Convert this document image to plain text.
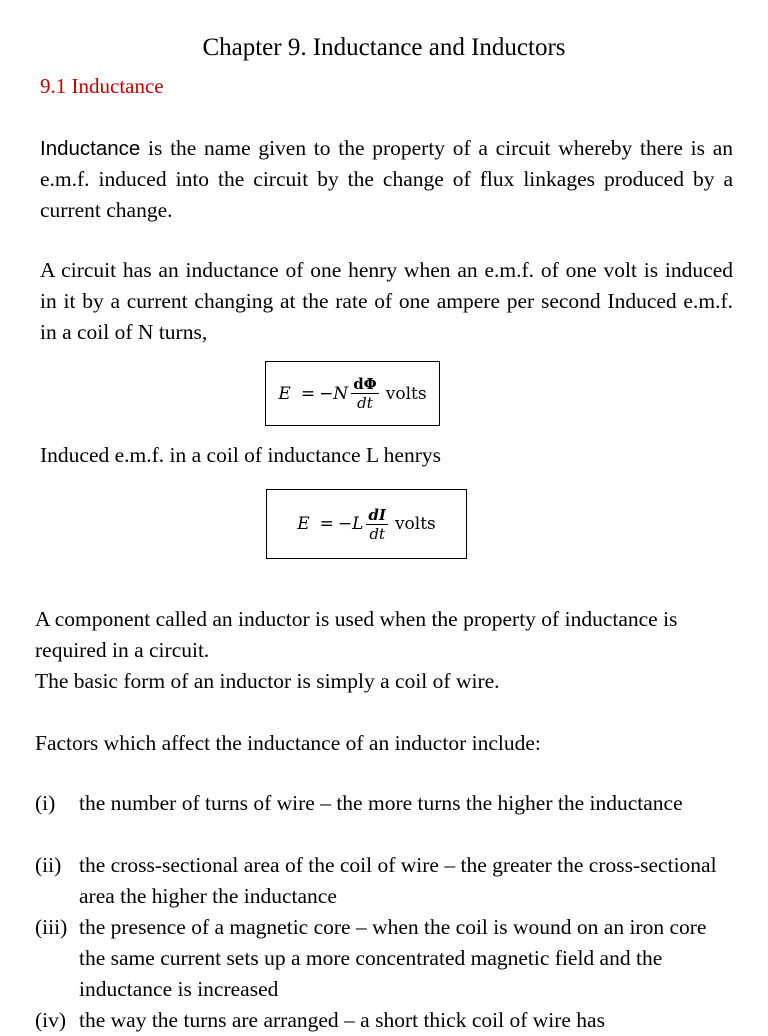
Chapter 9. Inductance and Inductors
9.1 Inductance
Inductance is the name given to the property of a circuit whereby there is an e.m.f. induced into the circuit by the change of flux linkages produced by a current change.
A circuit has an inductance of one henry when an e.m.f. of one volt is induced in it by a current changing at the rate of one ampere per second Induced e.m.f. in a coil of N turns,
$E = -N \frac{d\Phi}{dt}$ volts
Induced e.m.f. in a coil of inductance L henrys
$E = -L \frac{dI}{dt}$ volts
A component called an inductor is used when the property of inductance is required in a circuit.
The basic form of an inductor is simply a coil of wire.
Factors which affect the inductance of an inductor include:
(i) the number of turns of wire – the more turns the higher the inductance
(ii) the cross-sectional area of the coil of wire – the greater the cross-sectional area the higher the inductance
(iii) the presence of a magnetic core – when the coil is wound on an iron core the same current sets up a more concentrated magnetic field and the inductance is increased
(iv) the way the turns are arranged – a short thick coil of wire has
